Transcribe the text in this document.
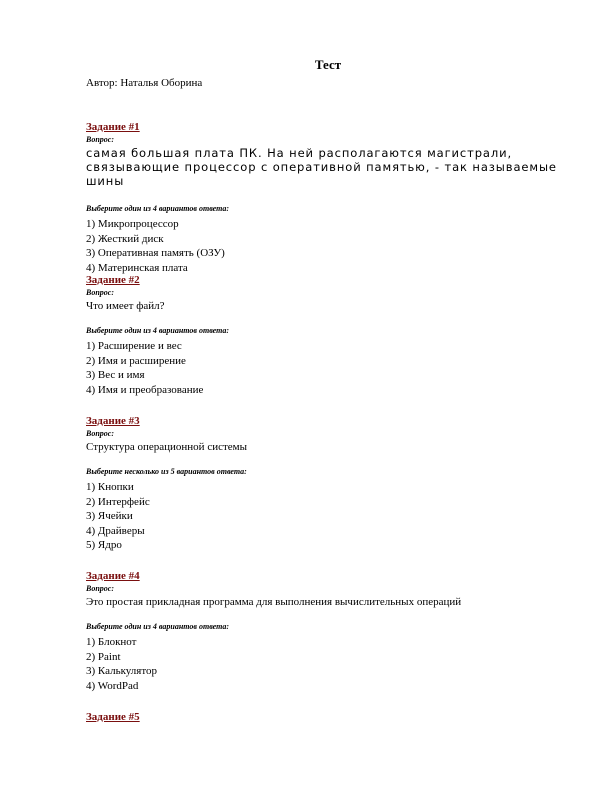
Тест
Автор: Наталья Оборина
Задание #1
Вопрос:
самая большая плата ПК. На ней располагаются магистрали, связывающие процессор с оперативной памятью, - так называемые шины
Выберите один из 4 вариантов ответа:
1) Микропроцессор
2) Жесткий диск
3) Оперативная память (ОЗУ)
4) Материнская плата
Задание #2
Вопрос:
Что имеет файл?
Выберите один из 4 вариантов ответа:
1) Расширение и вес
2) Имя и расширение
3) Вес и имя
4) Имя и преобразование
Задание #3
Вопрос:
Структура операционной системы
Выберите несколько из 5 вариантов ответа:
1) Кнопки
2) Интерфейс
3) Ячейки
4) Драйверы
5) Ядро
Задание #4
Вопрос:
Это простая прикладная программа для выполнения вычислительных операций
Выберите один из 4 вариантов ответа:
1) Блокнот
2) Paint
3) Калькулятор
4) WordPad
Задание #5
